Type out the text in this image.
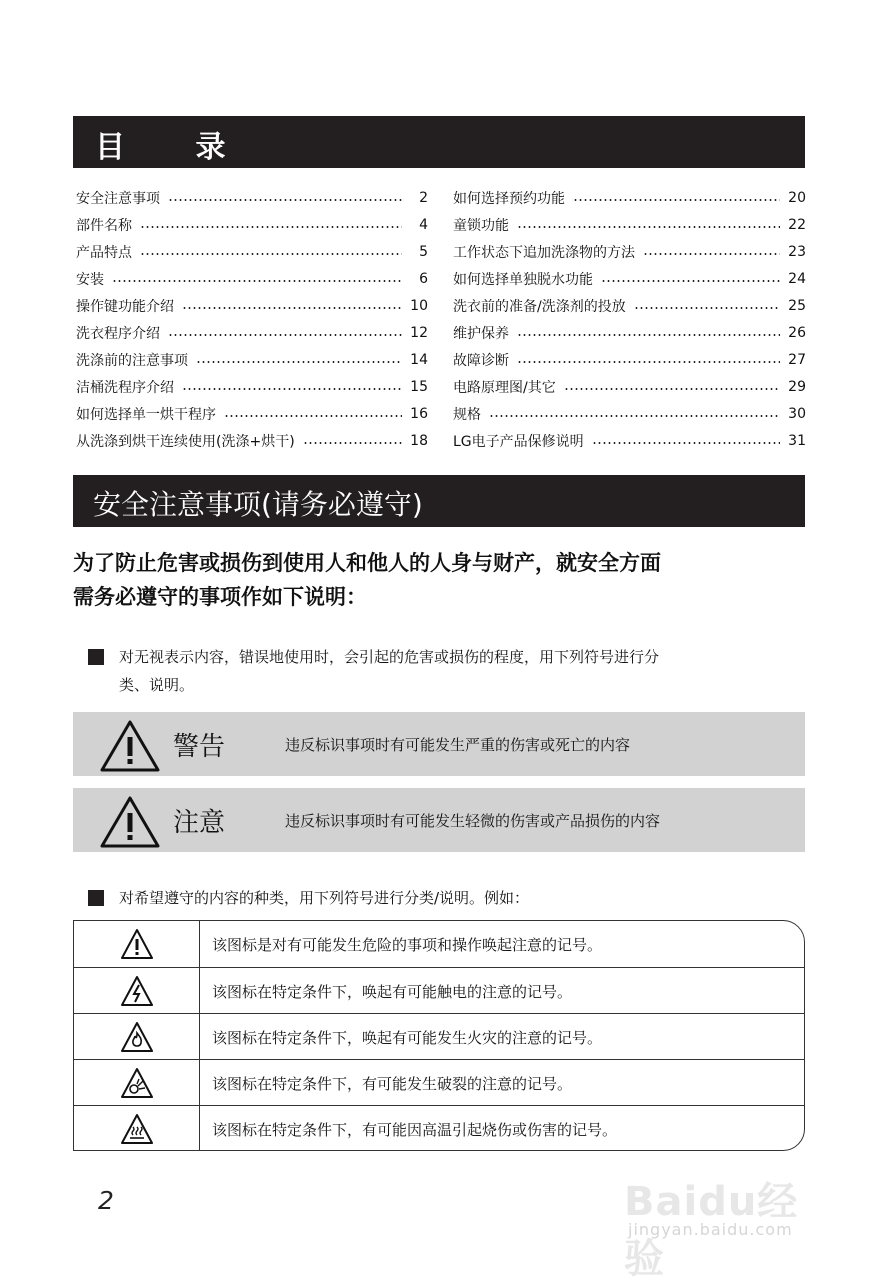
目 录
安全注意事项	2
部件名称	4
产品特点	5
安装	6
操作键功能介绍	10
洗衣程序介绍	12
洗涤前的注意事项	14
洁桶洗程序介绍	15
如何选择单一烘干程序	16
从洗涤到烘干连续使用(洗涤+烘干)	18
如何选择预约功能	20
童锁功能	22
工作状态下追加洗涤物的方法	23
如何选择单独脱水功能	24
洗衣前的准备/洗涤剂的投放	25
维护保养	26
故障诊断	27
电路原理图/其它	29
规格	30
LG电子产品保修说明	31
安全注意事项(请务必遵守)
为了防止危害或损伤到使用人和他人的人身与财产，就安全方面
需务必遵守的事项作如下说明：
对无视表示内容，错误地使用时，会引起的危害或损伤的程度，用下列符号进行分
类、说明。
警告	违反标识事项时有可能发生严重的伤害或死亡的内容
注意	违反标识事项时有可能发生轻微的伤害或产品损伤的内容
对希望遵守的内容的种类，用下列符号进行分类/说明。例如：
该图标是对有可能发生危险的事项和操作唤起注意的记号。
该图标在特定条件下，唤起有可能触电的注意的记号。
该图标在特定条件下，唤起有可能发生火灾的注意的记号。
该图标在特定条件下，有可能发生破裂的注意的记号。
该图标在特定条件下，有可能因高温引起烧伤或伤害的记号。
2	Baidu经验
jingyan.baidu.com
